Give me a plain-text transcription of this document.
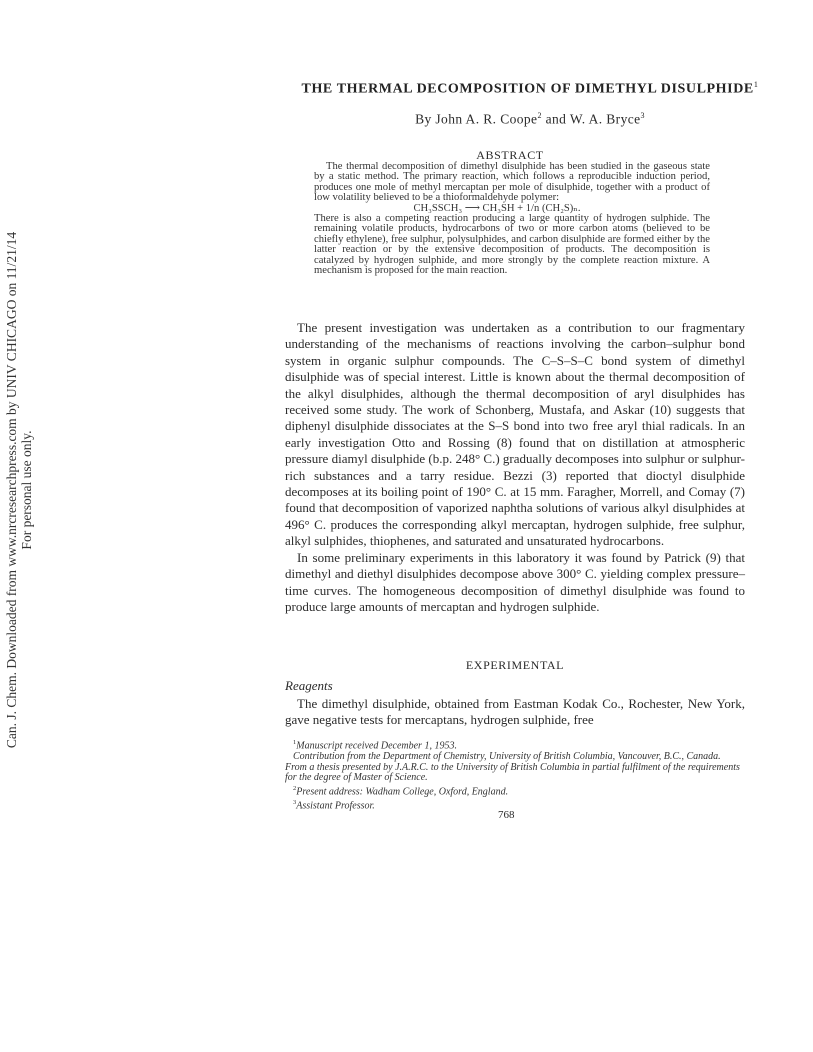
Can. J. Chem. Downloaded from www.nrcresearchpress.com by UNIV CHICAGO on 11/21/14 For personal use only.
THE THERMAL DECOMPOSITION OF DIMETHYL DISULPHIDE$^1$
By John A. R. Coope$^2$ and W. A. Bryce$^3$
ABSTRACT

The thermal decomposition of dimethyl disulphide has been studied in the gaseous state by a static method. The primary reaction, which follows a reproducible induction period, produces one mole of methyl mercaptan per mole of disulphide, together with a product of low volatility believed to be a thioformaldehyde polymer:

CH₃SSCH₃ ⟶ CH₃SH + 1/n (CH₂S)ₙ.

There is also a competing reaction producing a large quantity of hydrogen sulphide. The remaining volatile products, hydrocarbons of two or more carbon atoms (believed to be chiefly ethylene), free sulphur, polysulphides, and carbon disulphide are formed either by the latter reaction or by the extensive decomposition of products. The decomposition is catalyzed by hydrogen sulphide, and more strongly by the complete reaction mixture. A mechanism is proposed for the main reaction.

The present investigation was undertaken as a contribution to our fragmentary understanding of the mechanisms of reactions involving the carbon–sulphur bond system in organic sulphur compounds. The C–S–S–C bond system of dimethyl disulphide was of special interest. Little is known about the thermal decomposition of the alkyl disulphides, although the thermal decomposition of aryl disulphides has received some study. The work of Schonberg, Mustafa, and Askar (10) suggests that diphenyl disulphide dissociates at the S–S bond into two free aryl thial radicals. In an early investigation Otto and Rossing (8) found that on distillation at atmospheric pressure diamyl disulphide (b.p. 248° C.) gradually decomposes into sulphur or sulphur-rich substances and a tarry residue. Bezzi (3) reported that dioctyl disulphide decomposes at its boiling point of 190° C. at 15 mm. Faragher, Morrell, and Comay (7) found that decomposition of vaporized naphtha solutions of various alkyl disulphides at 496° C. produces the corresponding alkyl mercaptan, hydrogen sulphide, free sulphur, alkyl sulphides, thiophenes, and saturated and unsaturated hydrocarbons.

In some preliminary experiments in this laboratory it was found by Patrick (9) that dimethyl and diethyl disulphides decompose above 300° C. yielding complex pressure–time curves. The homogeneous decomposition of dimethyl disulphide was found to produce large amounts of mercaptan and hydrogen sulphide.

EXPERIMENTAL
Reagents

The dimethyl disulphide, obtained from Eastman Kodak Co., Rochester, New York, gave negative tests for mercaptans, hydrogen sulphide, free

$^1$Manuscript received December 1, 1953.

Contribution from the Department of Chemistry, University of British Columbia, Vancouver, B.C., Canada. From a thesis presented by J.A.R.C. to the University of British Columbia in partial fulfilment of the requirements for the degree of Master of Science.

$^2$Present address: Wadham College, Oxford, England.

$^3$Assistant Professor.

768
